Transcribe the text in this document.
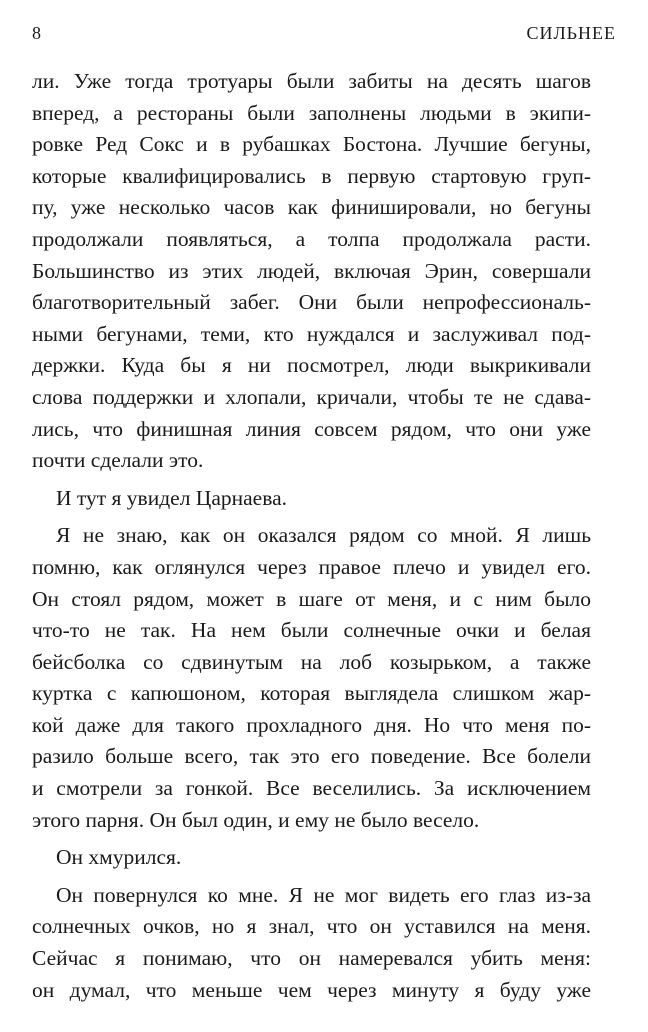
8	СИЛЬНЕЕ
ли. Уже тогда тротуары были забиты на десять шагов
вперед, а рестораны были заполнены людьми в экипи-
ровке Ред Сокс и в рубашках Бостона. Лучшие бегуны,
которые квалифицировались в первую стартовую груп-
пу, уже несколько часов как финишировали, но бегуны
продолжали появляться, а толпа продолжала расти.
Большинство из этих людей, включая Эрин, совершали
благотворительный забег. Они были непрофессиональ-
ными бегунами, теми, кто нуждался и заслуживал под-
держки. Куда бы я ни посмотрел, люди выкрикивали
слова поддержки и хлопали, кричали, чтобы те не сдава-
лись, что финишная линия совсем рядом, что они уже
почти сделали это.
И тут я увидел Царнаева.
Я не знаю, как он оказался рядом со мной. Я лишь
помню, как оглянулся через правое плечо и увидел его.
Он стоял рядом, может в шаге от меня, и с ним было
что-то не так. На нем были солнечные очки и белая
бейсболка со сдвинутым на лоб козырьком, а также
куртка с капюшоном, которая выглядела слишком жар-
кой даже для такого прохладного дня. Но что меня по-
разило больше всего, так это его поведение. Все болели
и смотрели за гонкой. Все веселились. За исключением
этого парня. Он был один, и ему не было весело.
Он хмурился.
Он повернулся ко мне. Я не мог видеть его глаз из-за
солнечных очков, но я знал, что он уставился на меня.
Сейчас я понимаю, что он намеревался убить меня:
он думал, что меньше чем через минуту я буду уже
